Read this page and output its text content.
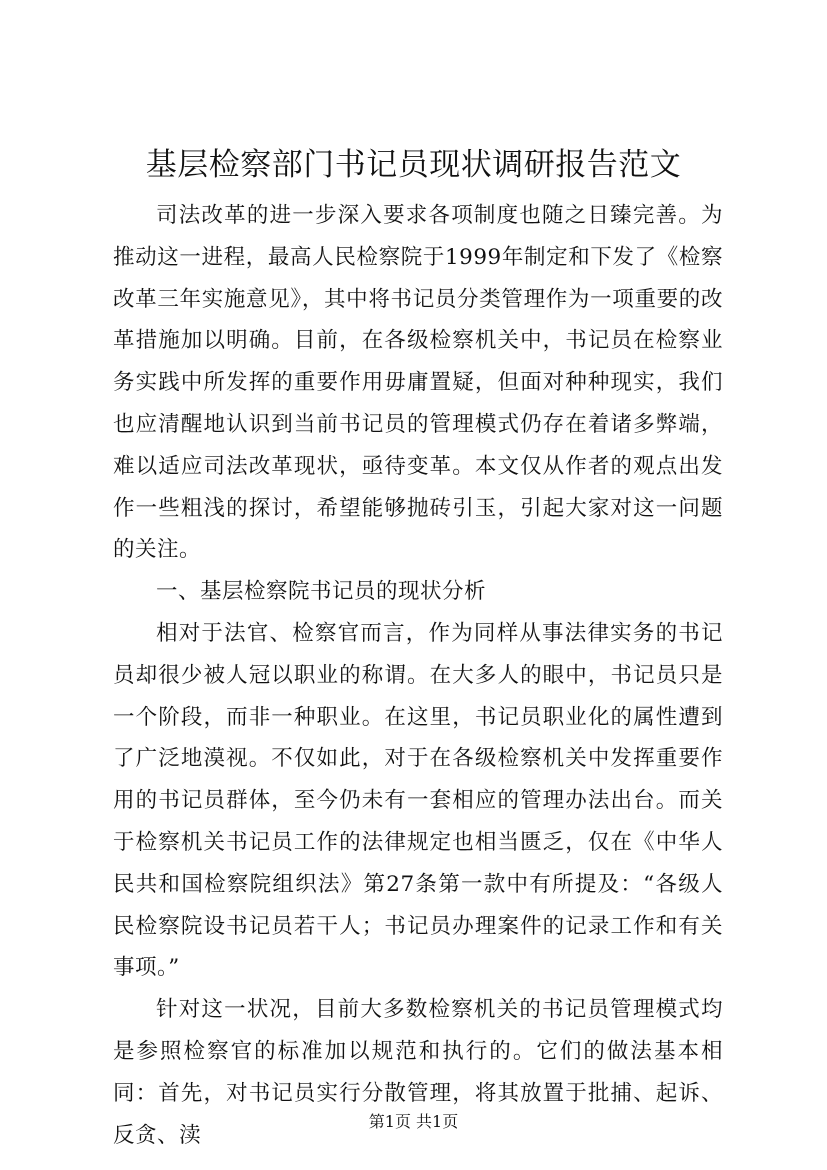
基层检察部门书记员现状调研报告范文

司法改革的进一步深入要求各项制度也随之日臻完善。为推动这一进程，最高人民检察院于1999年制定和下发了《检察改革三年实施意见》，其中将书记员分类管理作为一项重要的改革措施加以明确。目前，在各级检察机关中，书记员在检察业务实践中所发挥的重要作用毋庸置疑，但面对种种现实，我们也应清醒地认识到当前书记员的管理模式仍存在着诸多弊端，难以适应司法改革现状，亟待变革。本文仅从作者的观点出发作一些粗浅的探讨，希望能够抛砖引玉，引起大家对这一问题的关注。

一、基层检察院书记员的现状分析

相对于法官、检察官而言，作为同样从事法律实务的书记员却很少被人冠以职业的称谓。在大多人的眼中，书记员只是一个阶段，而非一种职业。在这里，书记员职业化的属性遭到了广泛地漠视。不仅如此，对于在各级检察机关中发挥重要作用的书记员群体，至今仍未有一套相应的管理办法出台。而关于检察机关书记员工作的法律规定也相当匮乏，仅在《中华人民共和国检察院组织法》第27条第一款中有所提及：“各级人民检察院设书记员若干人；书记员办理案件的记录工作和有关事项。”

针对这一状况，目前大多数检察机关的书记员管理模式均是参照检察官的标准加以规范和执行的。它们的做法基本相同：首先，对书记员实行分散管理，将其放置于批捕、起诉、反贪、渎

第1页 共1页
